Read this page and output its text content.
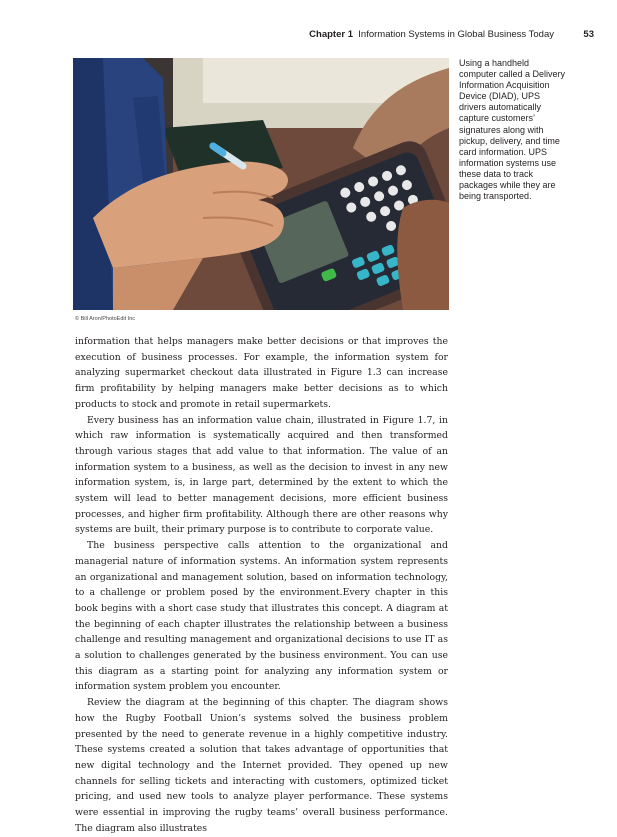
Chapter 1 Information Systems in Global Business Today	53
© Bill Aron/PhotoEdit Inc
Using a handheld computer called a Delivery Information Acquisition Device (DIAD), UPS drivers automatically capture customers’ signatures along with pickup, delivery, and time card information. UPS information systems use these data to track packages while they are being transported.

information that helps managers make better decisions or that improves the execution of business processes. For example, the information system for analyzing supermarket checkout data illustrated in Figure 1.3 can increase firm profitability by helping managers make better decisions as to which products to stock and promote in retail supermarkets.

Every business has an information value chain, illustrated in Figure 1.7, in which raw information is systematically acquired and then transformed through various stages that add value to that information. The value of an information system to a business, as well as the decision to invest in any new information system, is, in large part, determined by the extent to which the system will lead to better management decisions, more efficient business processes, and higher firm profitability. Although there are other reasons why systems are built, their primary purpose is to contribute to corporate value.

The business perspective calls attention to the organizational and managerial nature of information systems. An information system represents an organizational and management solution, based on information technology, to a challenge or problem posed by the environment.Every chapter in this book begins with a short case study that illustrates this concept. A diagram at the beginning of each chapter illustrates the relationship between a business challenge and resulting management and organizational decisions to use IT as a solution to challenges generated by the business environment. You can use this diagram as a starting point for analyzing any information system or information system problem you encounter.

Review the diagram at the beginning of this chapter. The diagram shows how the Rugby Football Union’s systems solved the business problem presented by the need to generate revenue in a highly competitive industry. These systems created a solution that takes advantage of opportunities that new digital technology and the Internet provided. They opened up new channels for selling tickets and interacting with customers, optimized ticket pricing, and used new tools to analyze player performance. These systems were essential in improving the rugby teams’ overall business performance. The diagram also illustrates
